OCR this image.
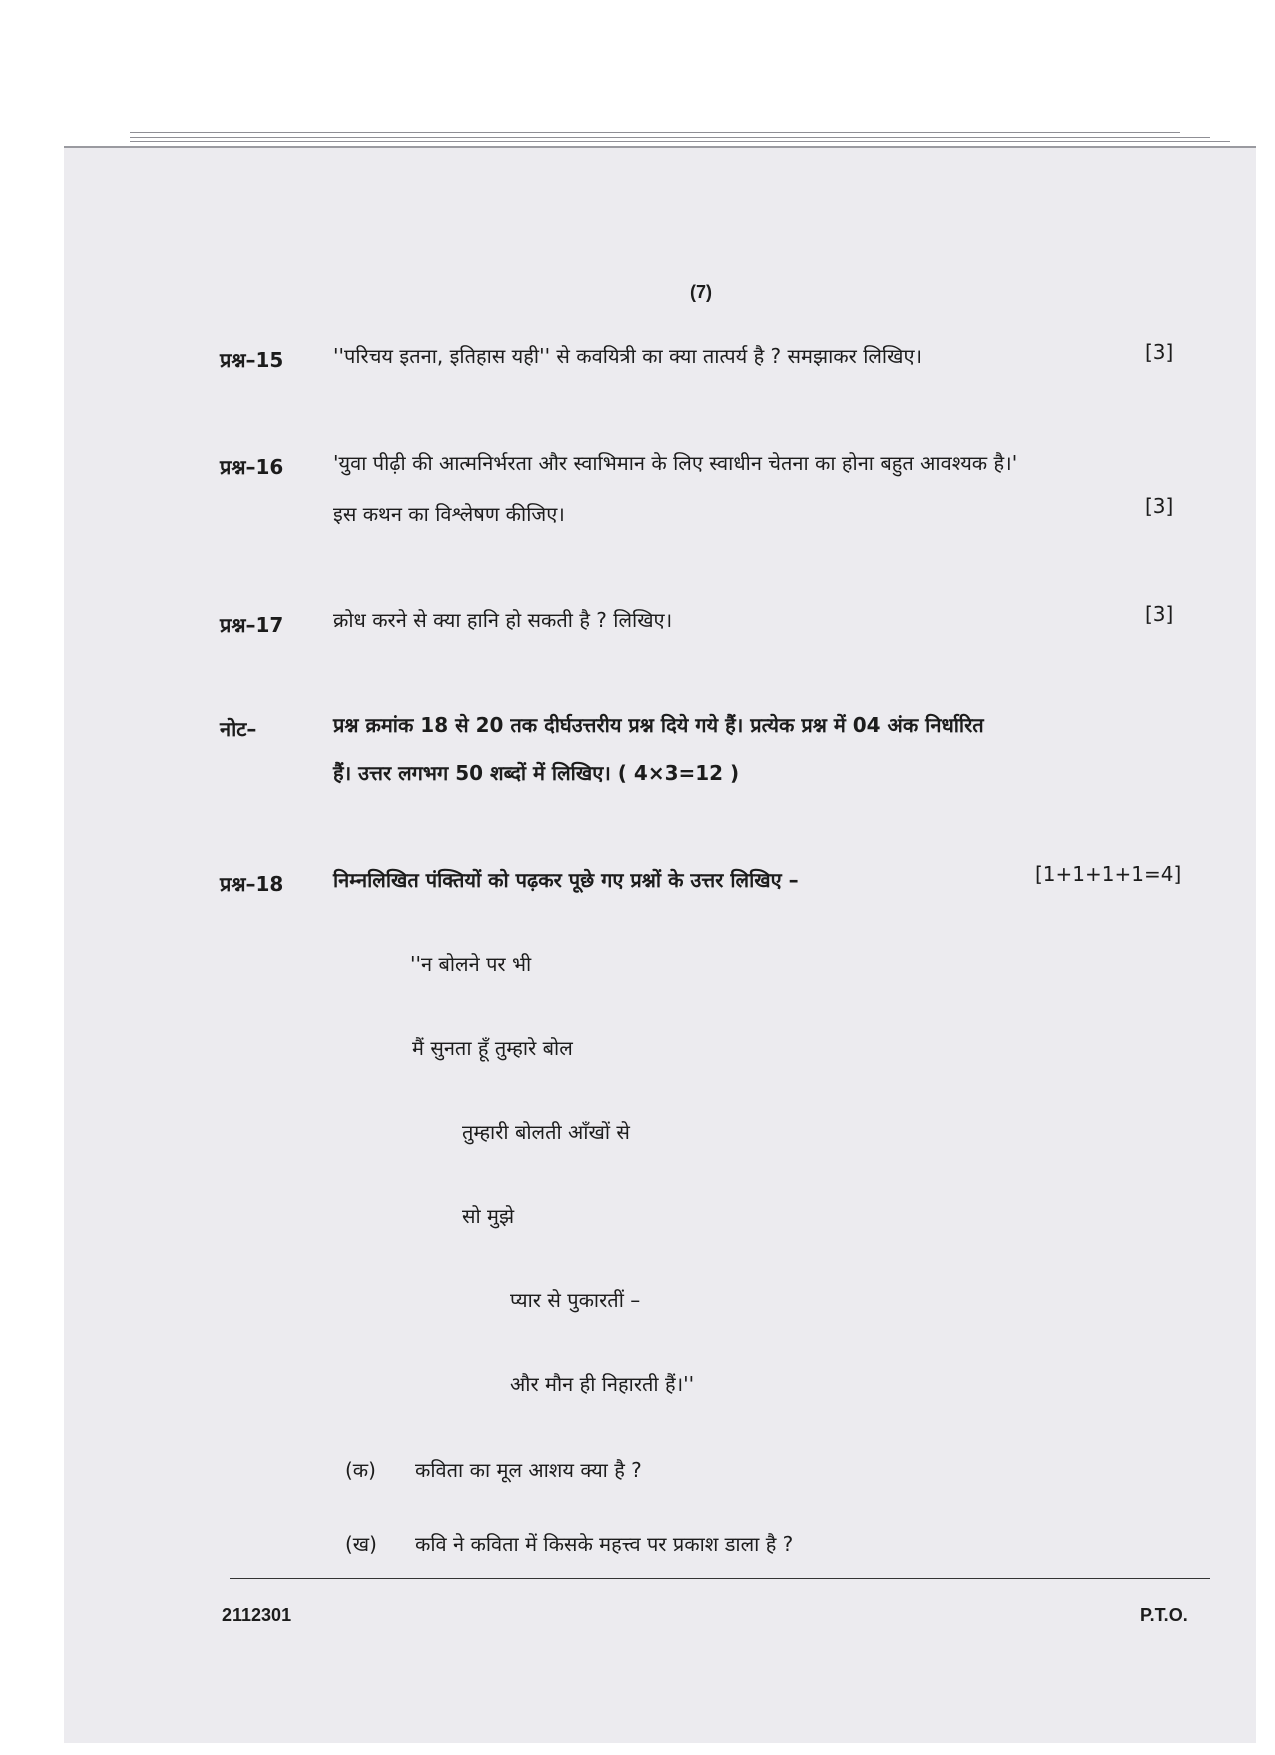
(7)
प्रश्न–15 ''परिचय इतना, इतिहास यही'' से कवयित्री का क्या तात्पर्य है ? समझाकर लिखिए।	[3]
प्रश्न–16 'युवा पीढ़ी की आत्मनिर्भरता और स्वाभिमान के लिए स्वाधीन चेतना का होना बहुत आवश्यक है।'
इस कथन का विश्लेषण कीजिए।	[3]
प्रश्न–17 क्रोध करने से क्या हानि हो सकती है ? लिखिए।	[3]
नोट–	प्रश्न क्रमांक 18 से 20 तक दीर्घउत्तरीय प्रश्न दिये गये हैं। प्रत्येक प्रश्न में 04 अंक निर्धारित
हैं। उत्तर लगभग 50 शब्दों में लिखिए। ( 4×3=12 )
प्रश्न–18 निम्नलिखित पंक्तियों को पढ़कर पूछे गए प्रश्नों के उत्तर लिखिए –	[1+1+1+1=4]
''न बोलने पर भी
मैं सुनता हूँ तुम्हारे बोल
तुम्हारी बोलती आँखों से
सो मुझे
प्यार से पुकारतीं –
और मौन ही निहारती हैं।''
(क) कविता का मूल आशय क्या है ?
(ख) कवि ने कविता में किसके महत्त्व पर प्रकाश डाला है ?
2112301	P.T.O.
